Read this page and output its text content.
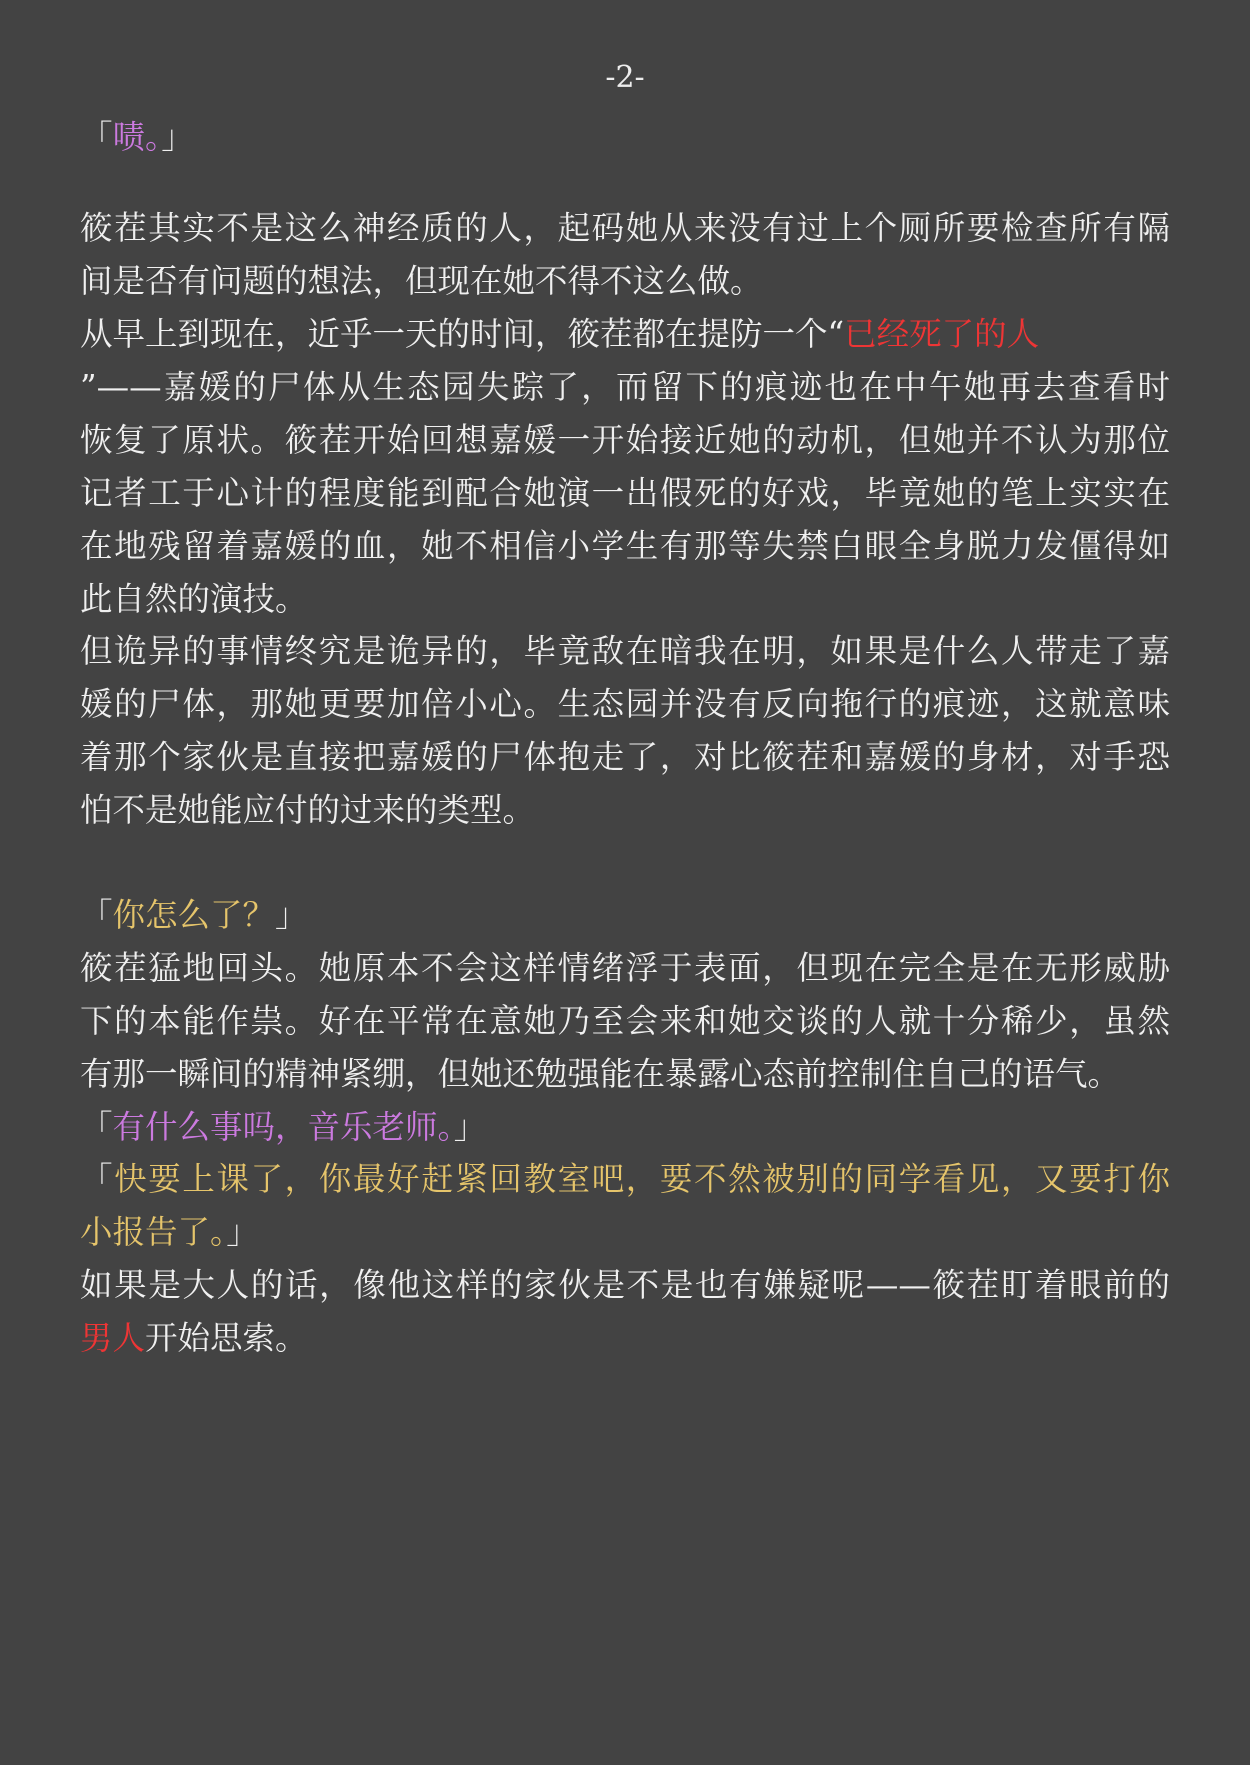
-2-
「啧。」
筱茬其实不是这么神经质的人，起码她从来没有过上个厕所要检查所有隔
间是否有问题的想法，但现在她不得不这么做。
从早上到现在，近乎一天的时间，筱茬都在提防一个“已经死了的人
”——嘉媛的尸体从生态园失踪了，而留下的痕迹也在中午她再去查看时
恢复了原状。筱茬开始回想嘉媛一开始接近她的动机，但她并不认为那位
记者工于心计的程度能到配合她演一出假死的好戏，毕竟她的笔上实实在
在地残留着嘉媛的血，她不相信小学生有那等失禁白眼全身脱力发僵得如
此自然的演技。
但诡异的事情终究是诡异的，毕竟敌在暗我在明，如果是什么人带走了嘉
媛的尸体，那她更要加倍小心。生态园并没有反向拖行的痕迹，这就意味
着那个家伙是直接把嘉媛的尸体抱走了，对比筱茬和嘉媛的身材，对手恐
怕不是她能应付的过来的类型。
「你怎么了？」
筱茬猛地回头。她原本不会这样情绪浮于表面，但现在完全是在无形威胁
下的本能作祟。好在平常在意她乃至会来和她交谈的人就十分稀少，虽然
有那一瞬间的精神紧绷，但她还勉强能在暴露心态前控制住自己的语气。
「有什么事吗，音乐老师。」
「快要上课了，你最好赶紧回教室吧，要不然被别的同学看见，又要打你
小报告了。」
如果是大人的话，像他这样的家伙是不是也有嫌疑呢——筱茬盯着眼前的
男人开始思索。
